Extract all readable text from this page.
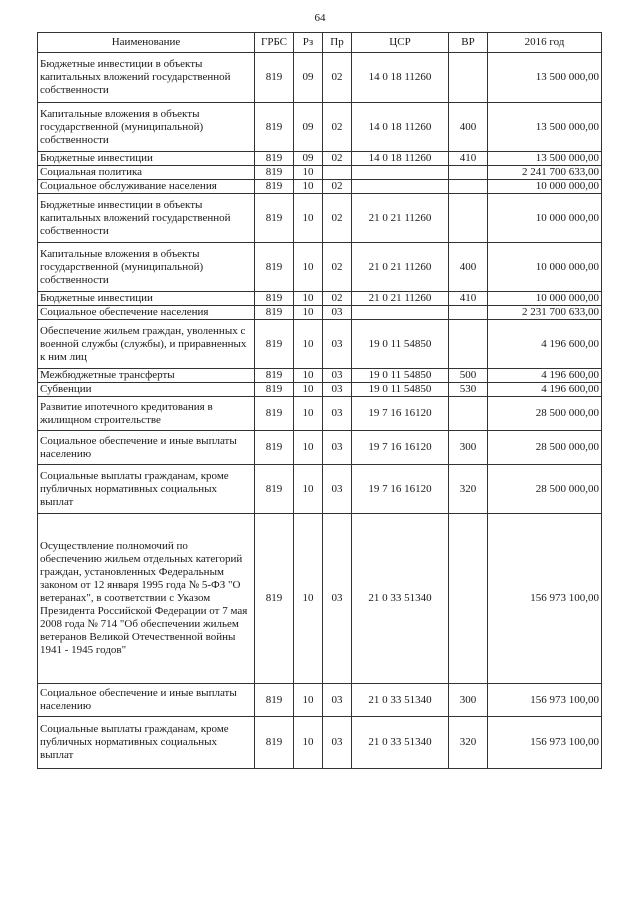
64
Наименование	ГРБС	Рз	Пр	ЦСР	ВР	2016 год
Бюджетные инвестиции в объекты капитальных вложений государственной собственности	819	09	02	14 0 18 11260		13 500 000,00
Капитальные вложения в объекты государственной (муниципальной) собственности	819	09	02	14 0 18 11260	400	13 500 000,00
Бюджетные инвестиции	819	09	02	14 0 18 11260	410	13 500 000,00
Социальная политика	819	10				2 241 700 633,00
Социальное обслуживание населения	819	10	02			10 000 000,00
Бюджетные инвестиции в объекты капитальных вложений государственной собственности	819	10	02	21 0 21 11260		10 000 000,00
Капитальные вложения в объекты государственной (муниципальной) собственности	819	10	02	21 0 21 11260	400	10 000 000,00
Бюджетные инвестиции	819	10	02	21 0 21 11260	410	10 000 000,00
Социальное обеспечение населения	819	10	03			2 231 700 633,00
Обеспечение жильем граждан, уволенных с военной службы (службы), и приравненных к ним лиц	819	10	03	19 0 11 54850		4 196 600,00
Межбюджетные трансферты	819	10	03	19 0 11 54850	500	4 196 600,00
Субвенции	819	10	03	19 0 11 54850	530	4 196 600,00
Развитие ипотечного кредитования в жилищном строительстве	819	10	03	19 7 16 16120		28 500 000,00
Социальное обеспечение и иные выплаты населению	819	10	03	19 7 16 16120	300	28 500 000,00
Социальные выплаты гражданам, кроме публичных нормативных социальных выплат	819	10	03	19 7 16 16120	320	28 500 000,00
Осуществление полномочий по обеспечению жильем отдельных категорий граждан, установленных Федеральным законом от 12 января 1995 года № 5-ФЗ "О ветеранах", в соответствии с Указом Президента Российской Федерации от 7 мая 2008 года № 714 "Об обеспечении жильем ветеранов Великой Отечественной войны 1941 - 1945 годов"	819	10	03	21 0 33 51340		156 973 100,00
Социальное обеспечение и иные выплаты населению	819	10	03	21 0 33 51340	300	156 973 100,00
Социальные выплаты гражданам, кроме публичных нормативных социальных выплат	819	10	03	21 0 33 51340	320	156 973 100,00
